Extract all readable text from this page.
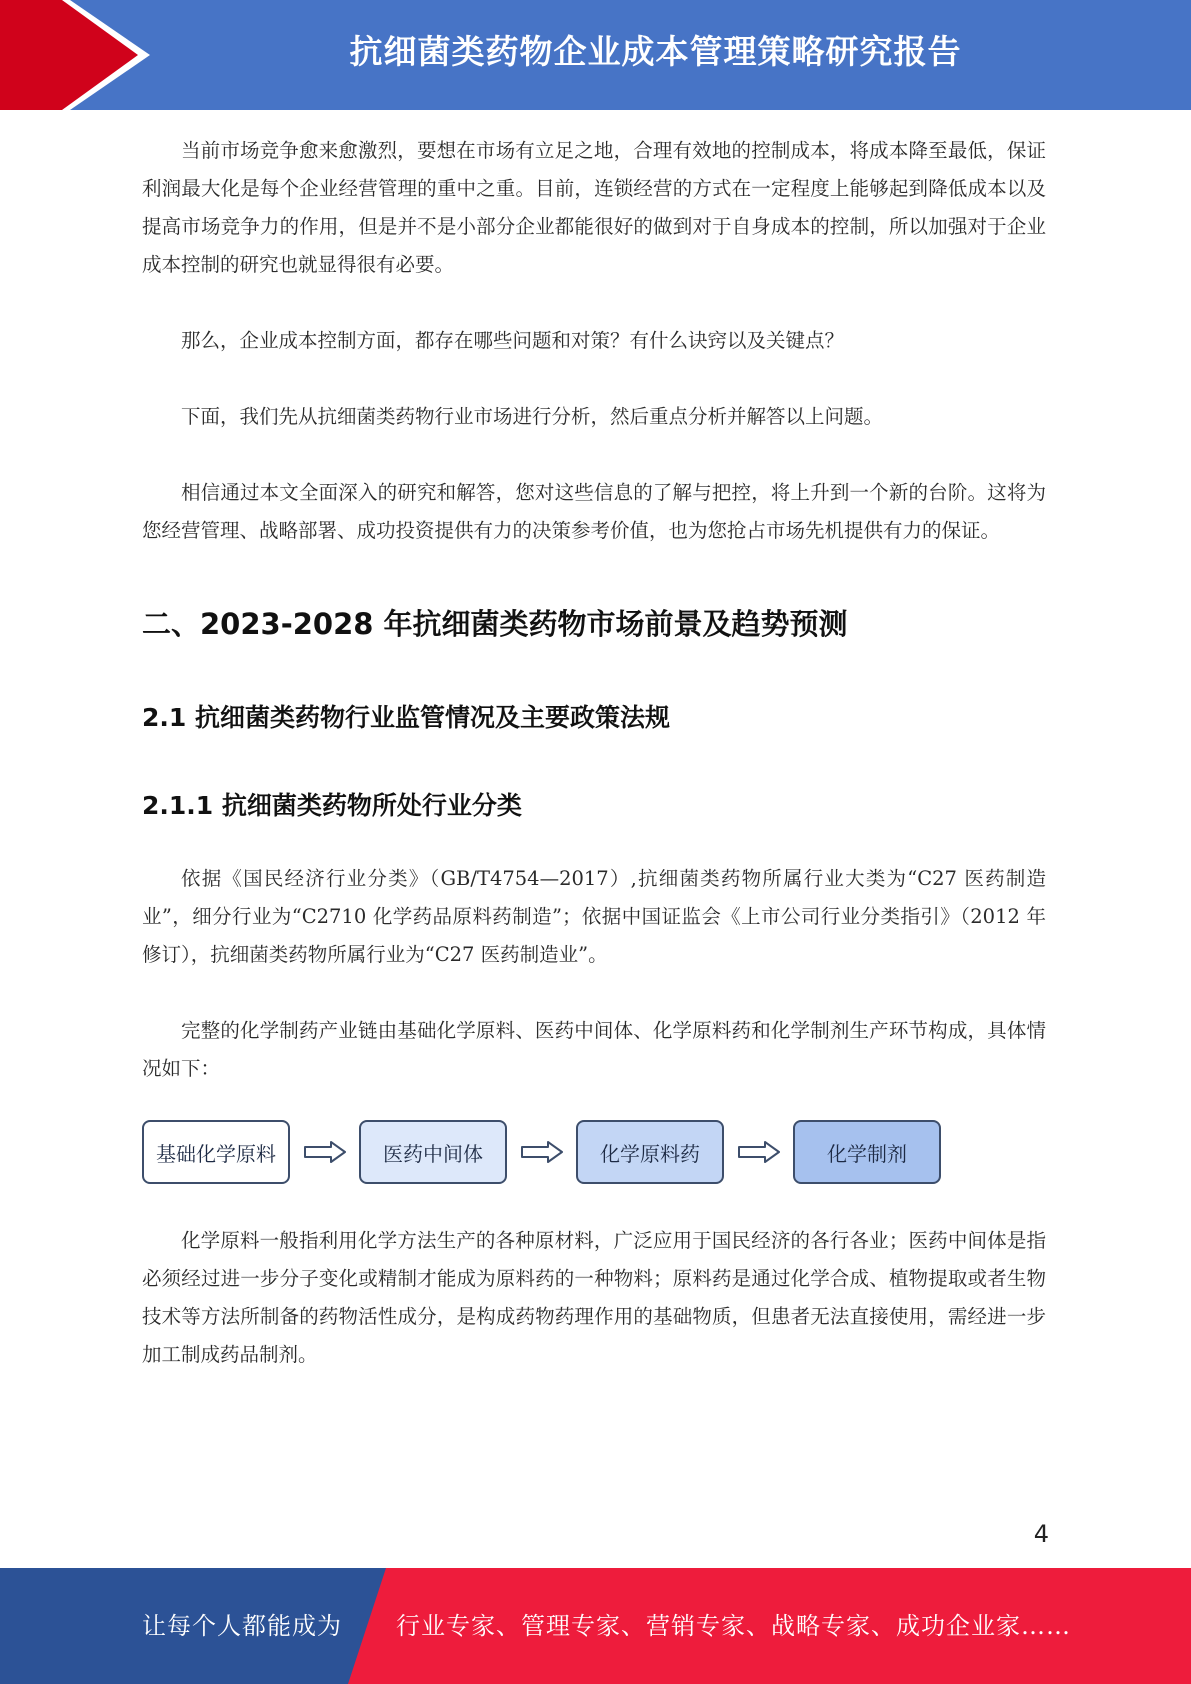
抗细菌类药物企业成本管理策略研究报告

当前市场竞争愈来愈激烈，要想在市场有立足之地，合理有效地的控制成本，将成本降至最低，保证利润最大化是每个企业经营管理的重中之重。目前，连锁经营的方式在一定程度上能够起到降低成本以及提高市场竞争力的作用，但是并不是小部分企业都能很好的做到对于自身成本的控制，所以加强对于企业成本控制的研究也就显得很有必要。

那么，企业成本控制方面，都存在哪些问题和对策？有什么诀窍以及关键点？

下面，我们先从抗细菌类药物行业市场进行分析，然后重点分析并解答以上问题。

相信通过本文全面深入的研究和解答，您对这些信息的了解与把控，将上升到一个新的台阶。这将为您经营管理、战略部署、成功投资提供有力的决策参考价值，也为您抢占市场先机提供有力的保证。

二、2023-2028 年抗细菌类药物市场前景及趋势预测
2.1 抗细菌类药物行业监管情况及主要政策法规
2.1.1 抗细菌类药物所处行业分类

依据《国民经济行业分类》（GB/T4754—2017）,抗细菌类药物所属行业大类为“C27 医药制造业”，细分行业为“C2710 化学药品原料药制造”；依据中国证监会《上市公司行业分类指引》（2012 年修订），抗细菌类药物所属行业为“C27 医药制造业”。

完整的化学制药产业链由基础化学原料、医药中间体、化学原料药和化学制剂生产环节构成，具体情况如下：

基础化学原料	医药中间体	化学原料药	化学制剂

化学原料一般指利用化学方法生产的各种原材料，广泛应用于国民经济的各行各业；医药中间体是指必须经过进一步分子变化或精制才能成为原料药的一种物料；原料药是通过化学合成、植物提取或者生物技术等方法所制备的药物活性成分，是构成药物药理作用的基础物质，但患者无法直接使用，需经进一步加工制成药品制剂。

4
让每个人都能成为 行业专家、管理专家、营销专家、战略专家、成功企业家……
